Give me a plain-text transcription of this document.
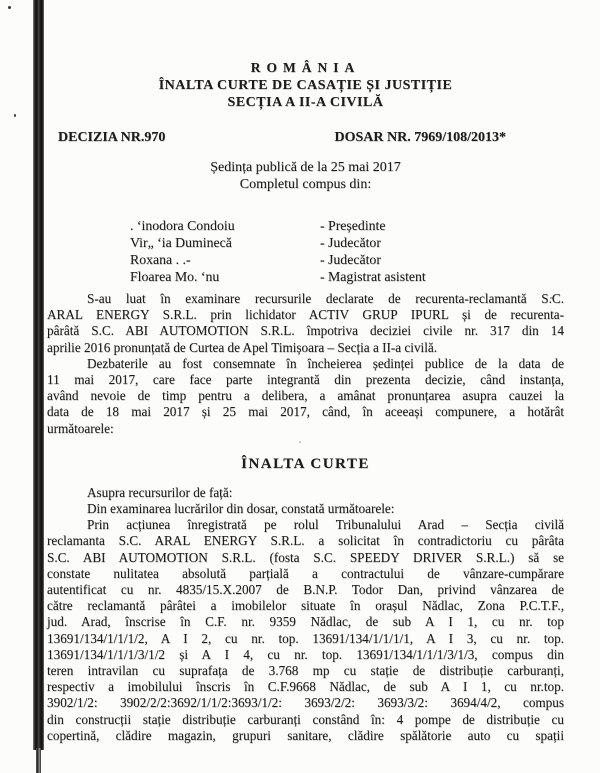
ROMÂNIA
ÎNALTA CURTE DE CASAȚIE ȘI JUSTIȚIE
SECȚIA A II-A CIVILĂ
DECIZIA NR.970	DOSAR NR. 7969/108/2013*
Ședința publică de la 25 mai 2017
Completul compus din:
. ‘inodora Condoiu	- Președinte
Vir„ ‘ia Duminecă	- Judecător
Roxana . .-	- Judecător
Floarea Mo. ‘nu	- Magistrat asistent
S-au luat în examinare recursurile declarate de recurenta-reclamantă S.C.
ARAL ENERGY S.R.L. prin lichidator ACTIV GRUP IPURL și de recurenta-
pârâtă S.C. ABI AUTOMOTION S.R.L. împotriva deciziei civile nr. 317 din 14
aprilie 2016 pronunțată de Curtea de Apel Timișoara – Secția a II-a civilă.
Dezbaterile au fost consemnate în încheierea ședinței publice de la data de
11 mai 2017, care face parte integrantă din prezenta decizie, când instanța,
având nevoie de timp pentru a delibera, a amânat pronunțarea asupra cauzei la
data de 18 mai 2017 și 25 mai 2017, când, în aceeași compunere, a hotărât
următoarele:
ÎNALTA CURTE
Asupra recursurilor de față:
Din examinarea lucrărilor din dosar, constată următoarele:
Prin acțiunea înregistrată pe rolul Tribunalului Arad – Secția civilă
reclamanta S.C. ARAL ENERGY S.R.L. a solicitat în contradictoriu cu pârâta
S.C. ABI AUTOMOTION S.R.L. (fosta S.C. SPEEDY DRIVER S.R.L.) să se
constate nulitatea absolută parțială a contractului de vânzare-cumpărare
autentificat cu nr. 4835/15.X.2007 de B.N.P. Todor Dan, privind vânzarea de
către reclamantă pârâtei a imobilelor situate în orașul Nădlac, Zona P.C.T.F.,
jud. Arad, înscrise în C.F. nr. 9359 Nădlac, de sub A I 1, cu nr. top
13691/134/1/1/1/2, A I 2, cu nr. top. 13691/134/1/1/1/1, A I 3, cu nr. top.
13691/134/1/1/1/3/1/2 și A I 4, cu nr. top. 13691/134/1/1/1/3/1/3, compus din
teren intravilan cu suprafața de 3.768 mp cu stație de distribuție carburanți,
respectiv a imobilului înscris în C.F.9668 Nădlac, de sub A I 1, cu nr.top.
3902/1/2: 3902/2/2:3692/1/1/2:3693/1/2: 3693/2/2: 3693/3/2: 3694/4/2, compus
din construcții stație distribuție carburanți constând în: 4 pompe de distribuție cu
copertină, clădire magazin, grupuri sanitare, clădire spălătorie auto cu spații
